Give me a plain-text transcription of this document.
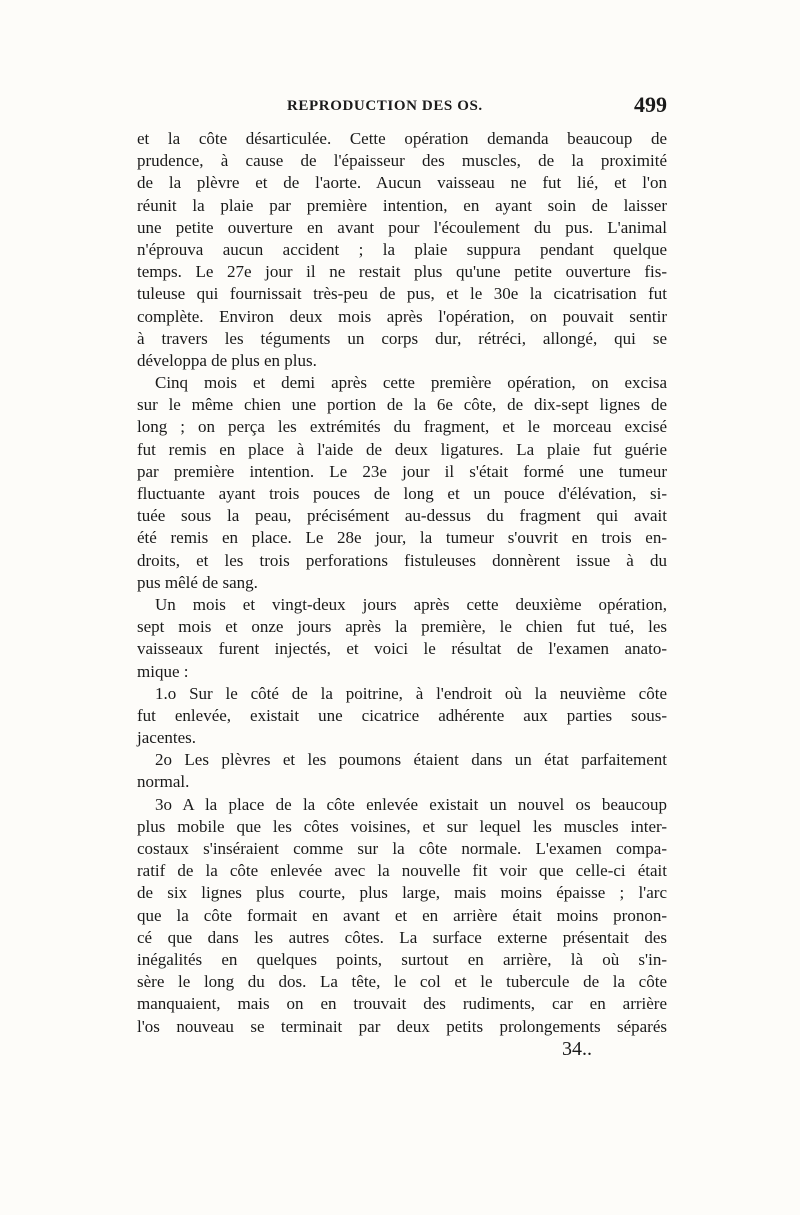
REPRODUCTION DES OS.	499
et la côte désarticulée. Cette opération demanda beaucoup de
prudence, à cause de l'épaisseur des muscles, de la proximité
de la plèvre et de l'aorte. Aucun vaisseau ne fut lié, et l'on
réunit la plaie par première intention, en ayant soin de laisser
une petite ouverture en avant pour l'écoulement du pus. L'animal
n'éprouva aucun accident ; la plaie suppura pendant quelque
temps. Le 27e jour il ne restait plus qu'une petite ouverture fis-
tuleuse qui fournissait très-peu de pus, et le 30e la cicatrisation fut
complète. Environ deux mois après l'opération, on pouvait sentir
à travers les téguments un corps dur, rétréci, allongé, qui se
développa de plus en plus.
Cinq mois et demi après cette première opération, on excisa
sur le même chien une portion de la 6e côte, de dix-sept lignes de
long ; on perça les extrémités du fragment, et le morceau excisé
fut remis en place à l'aide de deux ligatures. La plaie fut guérie
par première intention. Le 23e jour il s'était formé une tumeur
fluctuante ayant trois pouces de long et un pouce d'élévation, si-
tuée sous la peau, précisément au-dessus du fragment qui avait
été remis en place. Le 28e jour, la tumeur s'ouvrit en trois en-
droits, et les trois perforations fistuleuses donnèrent issue à du
pus mêlé de sang.
Un mois et vingt-deux jours après cette deuxième opération,
sept mois et onze jours après la première, le chien fut tué, les
vaisseaux furent injectés, et voici le résultat de l'examen anato-
mique :
1.o Sur le côté de la poitrine, à l'endroit où la neuvième côte
fut enlevée, existait une cicatrice adhérente aux parties sous-
jacentes.
2o Les plèvres et les poumons étaient dans un état parfaitement
normal.
3o A la place de la côte enlevée existait un nouvel os beaucoup
plus mobile que les côtes voisines, et sur lequel les muscles inter-
costaux s'inséraient comme sur la côte normale. L'examen compa-
ratif de la côte enlevée avec la nouvelle fit voir que celle-ci était
de six lignes plus courte, plus large, mais moins épaisse ; l'arc
que la côte formait en avant et en arrière était moins pronon-
cé que dans les autres côtes. La surface externe présentait des
inégalités en quelques points, surtout en arrière, là où s'in-
sère le long du dos. La tête, le col et le tubercule de la côte
manquaient, mais on en trouvait des rudiments, car en arrière
l'os nouveau se terminait par deux petits prolongements séparés
34..
